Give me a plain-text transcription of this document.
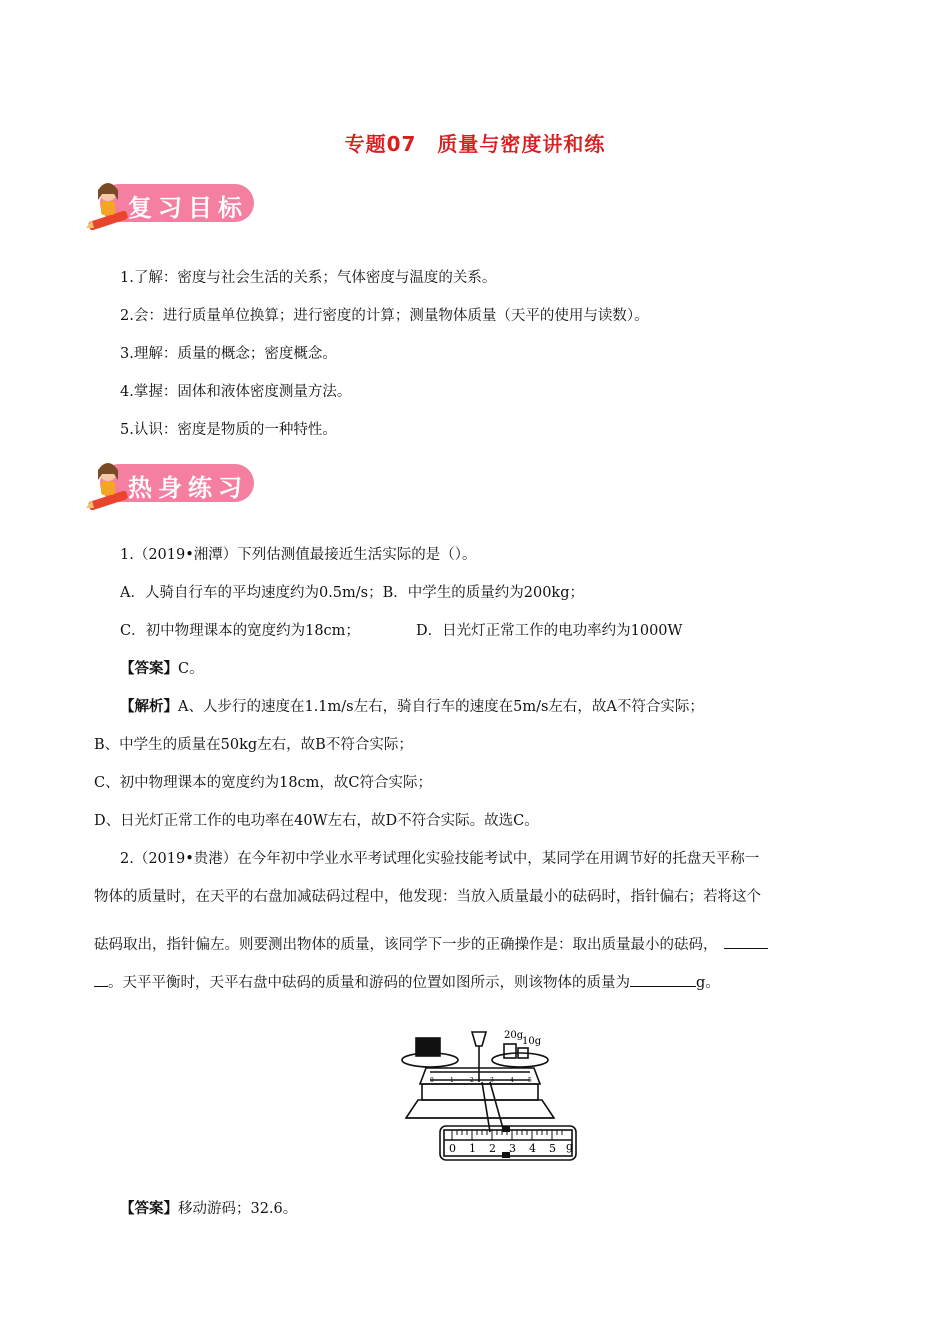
专题07　质量与密度讲和练
复习目标
1.了解：密度与社会生活的关系；气体密度与温度的关系。
2.会：进行质量单位换算；进行密度的计算；测量物体质量（天平的使用与读数）。
3.理解：质量的概念；密度概念。
4.掌握：固体和液体密度测量方法。
5.认识：密度是物质的一种特性。
热身练习
1.（2019•湘潭）下列估测值最接近生活实际的是（）。
A．人骑自行车的平均速度约为0.5m/s；B．中学生的质量约为200kg；
C．初中物理课本的宽度约为18cm；	D．日光灯正常工作的电功率约为1000W
【答案】C。
【解析】A、人步行的速度在1.1m/s左右，骑自行车的速度在5m/s左右，故A不符合实际；
B、中学生的质量在50kg左右，故B不符合实际；
C、初中物理课本的宽度约为18cm，故C符合实际；
D、日光灯正常工作的电功率在40W左右，故D不符合实际。故选C。
2.（2019•贵港）在今年初中学业水平考试理化实验技能考试中，某同学在用调节好的托盘天平称一
物体的质量时，在天平的右盘加减砝码过程中，他发现：当放入质量最小的砝码时，指针偏右；若将这个
砝码取出，指针偏左。则要测出物体的质量，该同学下一步的正确操作是：取出质量最小的砝码，
。天平平衡时，天平右盘中砝码的质量和游码的位置如图所示，则该物体的质量为	g。
20g
10g
0 1 2 3 4 5 g
0	1	2	3	4 5
【答案】移动游码；32.6。
